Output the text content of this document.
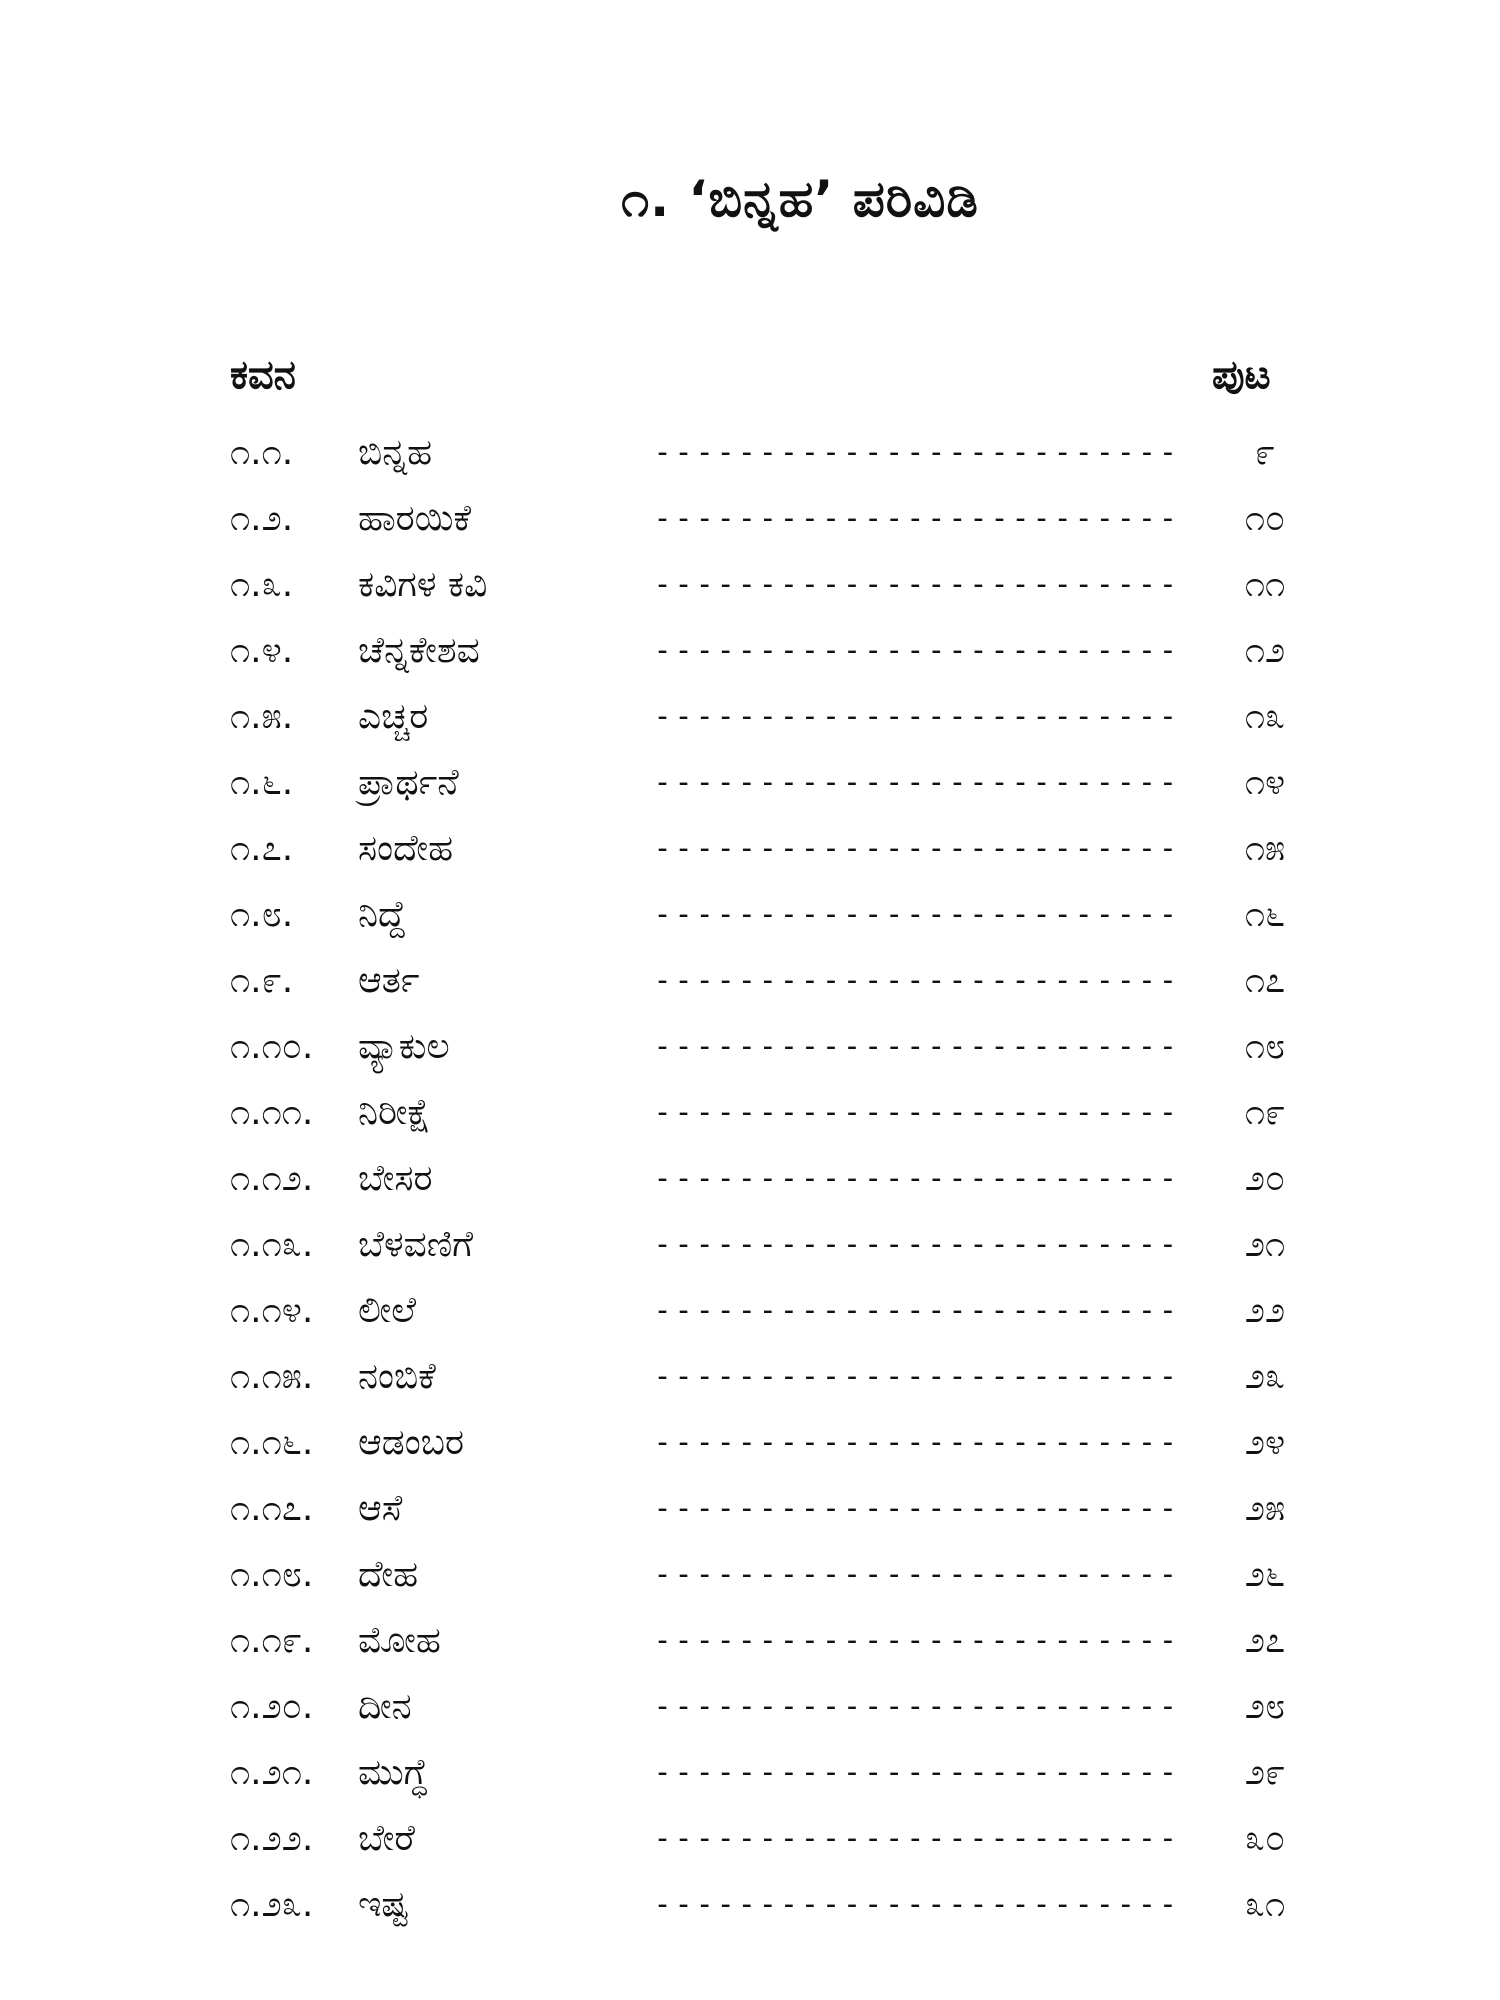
೧. ‘ಬಿನ್ನಹ’ ಪರಿವಿಡಿ
ಕವನ	ಪುಟ
೧.೧. ಬಿನ್ನಹ	-------------------------	೯
೧.೨. ಹಾರಯಿಕೆ	-------------------------	೧೦
೧.೩. ಕವಿಗಳ ಕವಿ	-------------------------	೧೧
೧.೪. ಚೆನ್ನಕೇಶವ	-------------------------	೧೨
೧.೫. ಎಚ್ಚರ	-------------------------	೧೩
೧.೬. ಪ್ರಾರ್ಥನೆ	-------------------------	೧೪
೧.೭. ಸಂದೇಹ	-------------------------	೧೫
೧.೮. ನಿದ್ದೆ	-------------------------	೧೬
೧.೯. ಆರ್ತ	-------------------------	೧೭
೧.೧೦. ವ್ಯಾಕುಲ	-------------------------	೧೮
೧.೧೧. ನಿರೀಕ್ಷೆ	-------------------------	೧೯
೧.೧೨. ಬೇಸರ	-------------------------	೨೦
೧.೧೩. ಬೆಳವಣಿಗೆ	-------------------------	೨೧
೧.೧೪. ಲೀಲೆ	-------------------------	೨೨
೧.೧೫. ನಂಬಿಕೆ	-------------------------	೨೩
೧.೧೬. ಆಡಂಬರ	-------------------------	೨೪
೧.೧೭. ಆಸೆ	-------------------------	೨೫
೧.೧೮. ದೇಹ	-------------------------	೨೬
೧.೧೯. ಮೋಹ	-------------------------	೨೭
೧.೨೦. ದೀನ	-------------------------	೨೮
೧.೨೧. ಮುಗ್ಧೆ	-------------------------	೨೯
೧.೨೨. ಬೇರೆ	-------------------------	೩೦
೧.೨೩. ಇಷ್ಟ	-------------------------	೩೧
